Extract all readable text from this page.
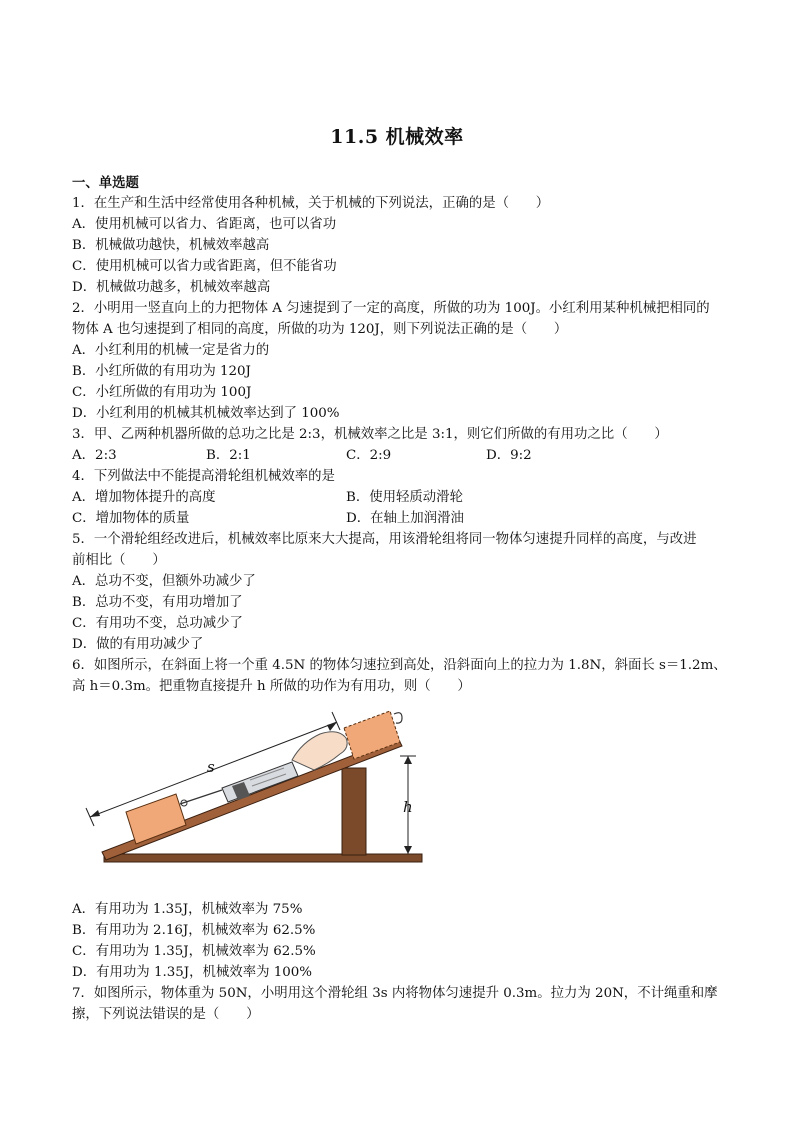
11.5 机械效率
一、单选题
1．在生产和生活中经常使用各种机械，关于机械的下列说法，正确的是（　　）
A．使用机械可以省力、省距离，也可以省功
B．机械做功越快，机械效率越高
C．使用机械可以省力或省距离，但不能省功
D．机械做功越多，机械效率越高
2．小明用一竖直向上的力把物体 A 匀速提到了一定的高度，所做的功为 100J。小红利用某种机械把相同的
物体 A 也匀速提到了相同的高度，所做的功为 120J，则下列说法正确的是（　　）
A．小红利用的机械一定是省力的
B．小红所做的有用功为 120J
C．小红所做的有用功为 100J
D．小红利用的机械其机械效率达到了 100%
3．甲、乙两种机器所做的总功之比是 2:3，机械效率之比是 3:1，则它们所做的有用功之比（　　）
A．2:3	B．2:1	C．2:9	D．9:2
4．下列做法中不能提高滑轮组机械效率的是
A．增加物体提升的高度	B．使用轻质动滑轮
C．增加物体的质量	D．在轴上加润滑油
5．一个滑轮组经改进后，机械效率比原来大大提高，用该滑轮组将同一物体匀速提升同样的高度，与改进
前相比（　　）
A．总功不变，但额外功减少了
B．总功不变，有用功增加了
C．有用功不变，总功减少了
D．做的有用功减少了
6．如图所示，在斜面上将一个重 4.5N 的物体匀速拉到高处，沿斜面向上的拉力为 1.8N，斜面长 s＝1.2m、
高 h＝0.3m。把重物直接提升 h 所做的功作为有用功，则（　　）
s
h
A．有用功为 1.35J，机械效率为 75%
B．有用功为 2.16J，机械效率为 62.5%
C．有用功为 1.35J，机械效率为 62.5%
D．有用功为 1.35J，机械效率为 100%
7．如图所示，物体重为 50N，小明用这个滑轮组 3s 内将物体匀速提升 0.3m。拉力为 20N，不计绳重和摩
擦，下列说法错误的是（　　）
